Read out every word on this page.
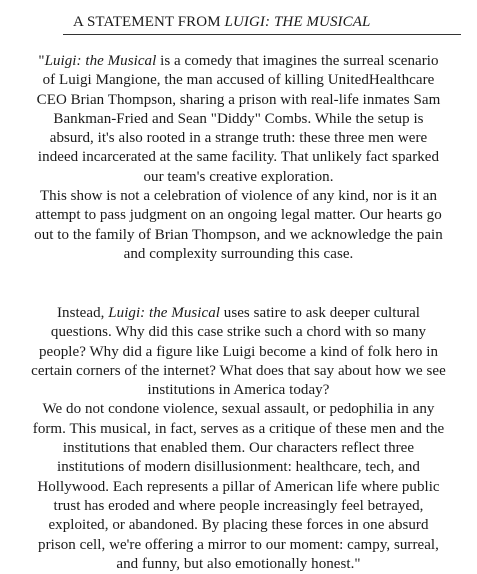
A STATEMENT FROM LUIGI: THE MUSICAL
"Luigi: the Musical is a comedy that imagines the surreal scenario
of Luigi Mangione, the man accused of killing UnitedHealthcare
CEO Brian Thompson, sharing a prison with real-life inmates Sam
Bankman-Fried and Sean "Diddy" Combs. While the setup is
absurd, it's also rooted in a strange truth: these three men were
indeed incarcerated at the same facility. That unlikely fact sparked
our team's creative exploration.
This show is not a celebration of violence of any kind, nor is it an
attempt to pass judgment on an ongoing legal matter. Our hearts go
out to the family of Brian Thompson, and we acknowledge the pain
and complexity surrounding this case.
Instead, Luigi: the Musical uses satire to ask deeper cultural
questions. Why did this case strike such a chord with so many
people? Why did a figure like Luigi become a kind of folk hero in
certain corners of the internet? What does that say about how we see
institutions in America today?
We do not condone violence, sexual assault, or pedophilia in any
form. This musical, in fact, serves as a critique of these men and the
institutions that enabled them. Our characters reflect three
institutions of modern disillusionment: healthcare, tech, and
Hollywood. Each represents a pillar of American life where public
trust has eroded and where people increasingly feel betrayed,
exploited, or abandoned. By placing these forces in one absurd
prison cell, we're offering a mirror to our moment: campy, surreal,
and funny, but also emotionally honest."
